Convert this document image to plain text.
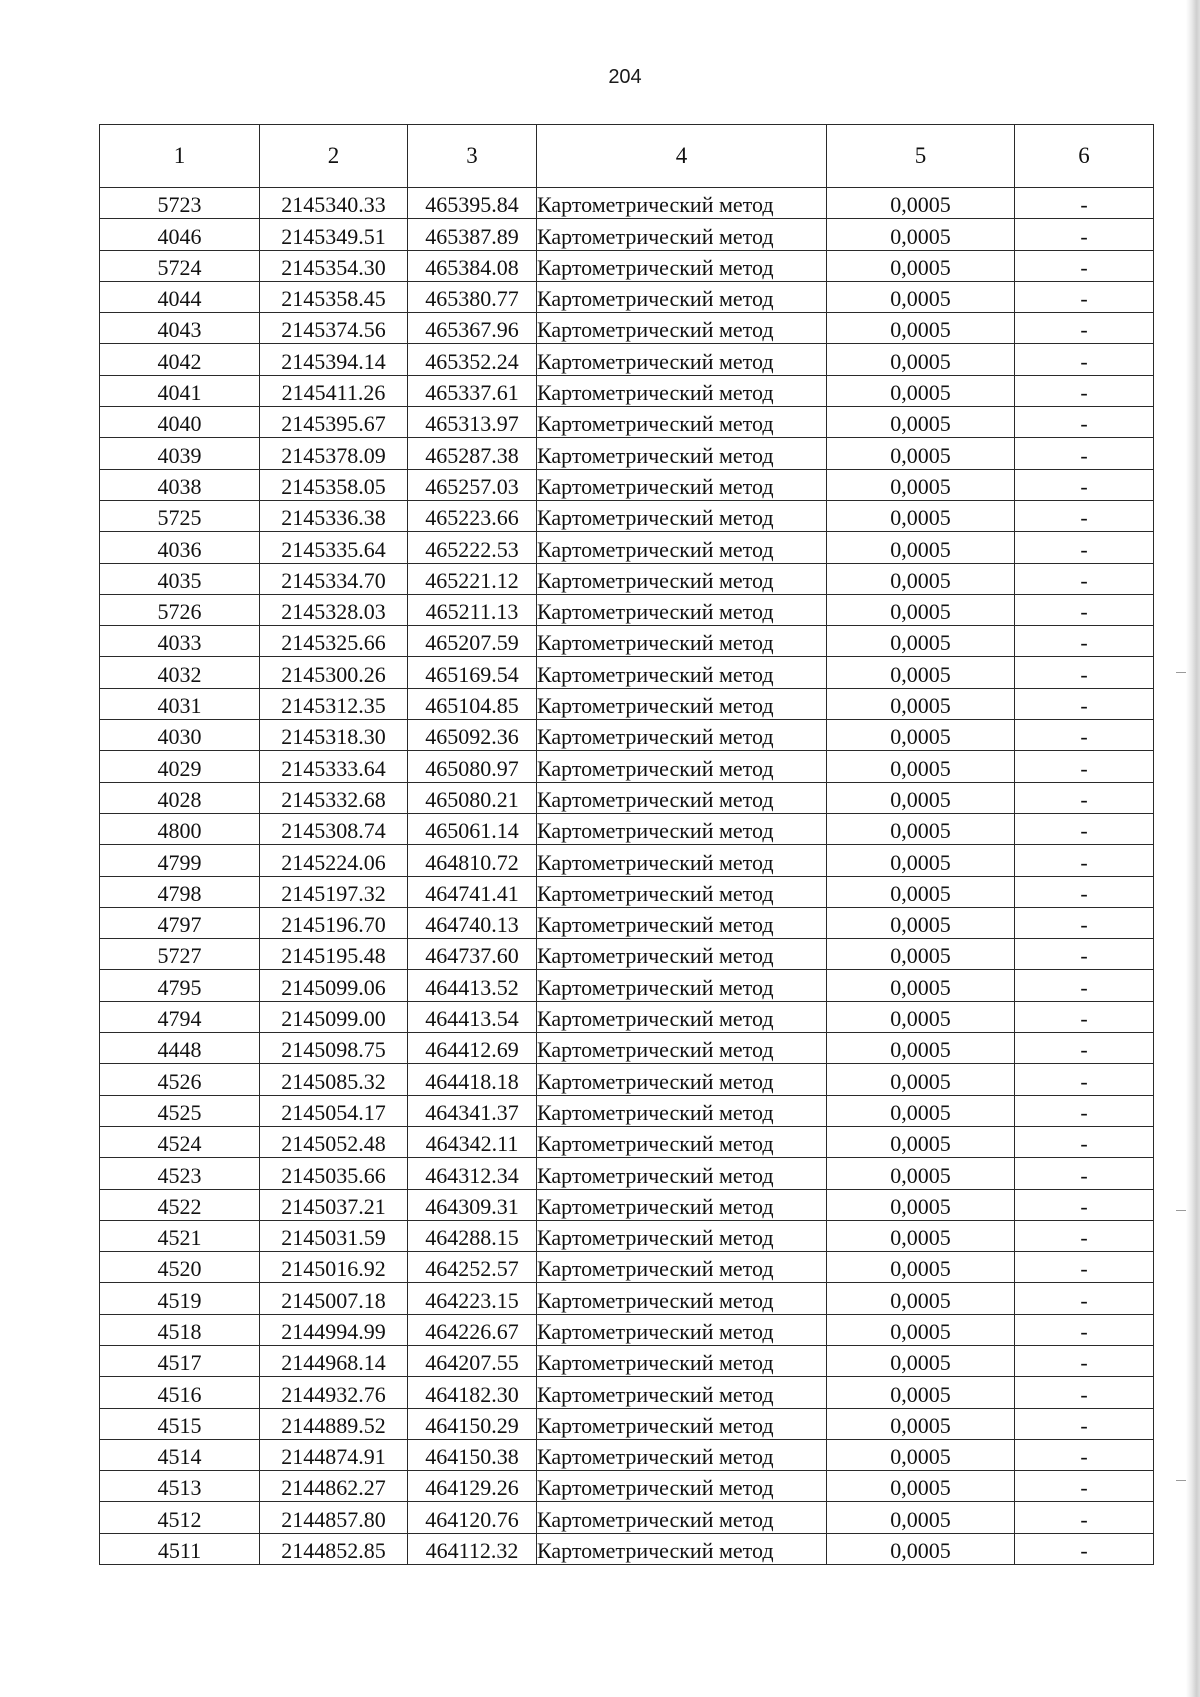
204
1	2	3	4	5	6
5723	2145340.33	465395.84	Картометрический метод	0,0005	-
4046	2145349.51	465387.89	Картометрический метод	0,0005	-
5724	2145354.30	465384.08	Картометрический метод	0,0005	-
4044	2145358.45	465380.77	Картометрический метод	0,0005	-
4043	2145374.56	465367.96	Картометрический метод	0,0005	-
4042	2145394.14	465352.24	Картометрический метод	0,0005	-
4041	2145411.26	465337.61	Картометрический метод	0,0005	-
4040	2145395.67	465313.97	Картометрический метод	0,0005	-
4039	2145378.09	465287.38	Картометрический метод	0,0005	-
4038	2145358.05	465257.03	Картометрический метод	0,0005	-
5725	2145336.38	465223.66	Картометрический метод	0,0005	-
4036	2145335.64	465222.53	Картометрический метод	0,0005	-
4035	2145334.70	465221.12	Картометрический метод	0,0005	-
5726	2145328.03	465211.13	Картометрический метод	0,0005	-
4033	2145325.66	465207.59	Картометрический метод	0,0005	-
4032	2145300.26	465169.54	Картометрический метод	0,0005	-
4031	2145312.35	465104.85	Картометрический метод	0,0005	-
4030	2145318.30	465092.36	Картометрический метод	0,0005	-
4029	2145333.64	465080.97	Картометрический метод	0,0005	-
4028	2145332.68	465080.21	Картометрический метод	0,0005	-
4800	2145308.74	465061.14	Картометрический метод	0,0005	-
4799	2145224.06	464810.72	Картометрический метод	0,0005	-
4798	2145197.32	464741.41	Картометрический метод	0,0005	-
4797	2145196.70	464740.13	Картометрический метод	0,0005	-
5727	2145195.48	464737.60	Картометрический метод	0,0005	-
4795	2145099.06	464413.52	Картометрический метод	0,0005	-
4794	2145099.00	464413.54	Картометрический метод	0,0005	-
4448	2145098.75	464412.69	Картометрический метод	0,0005	-
4526	2145085.32	464418.18	Картометрический метод	0,0005	-
4525	2145054.17	464341.37	Картометрический метод	0,0005	-
4524	2145052.48	464342.11	Картометрический метод	0,0005	-
4523	2145035.66	464312.34	Картометрический метод	0,0005	-
4522	2145037.21	464309.31	Картометрический метод	0,0005	-
4521	2145031.59	464288.15	Картометрический метод	0,0005	-
4520	2145016.92	464252.57	Картометрический метод	0,0005	-
4519	2145007.18	464223.15	Картометрический метод	0,0005	-
4518	2144994.99	464226.67	Картометрический метод	0,0005	-
4517	2144968.14	464207.55	Картометрический метод	0,0005	-
4516	2144932.76	464182.30	Картометрический метод	0,0005	-
4515	2144889.52	464150.29	Картометрический метод	0,0005	-
4514	2144874.91	464150.38	Картометрический метод	0,0005	-
4513	2144862.27	464129.26	Картометрический метод	0,0005	-
4512	2144857.80	464120.76	Картометрический метод	0,0005	-
4511	2144852.85	464112.32	Картометрический метод	0,0005	-
